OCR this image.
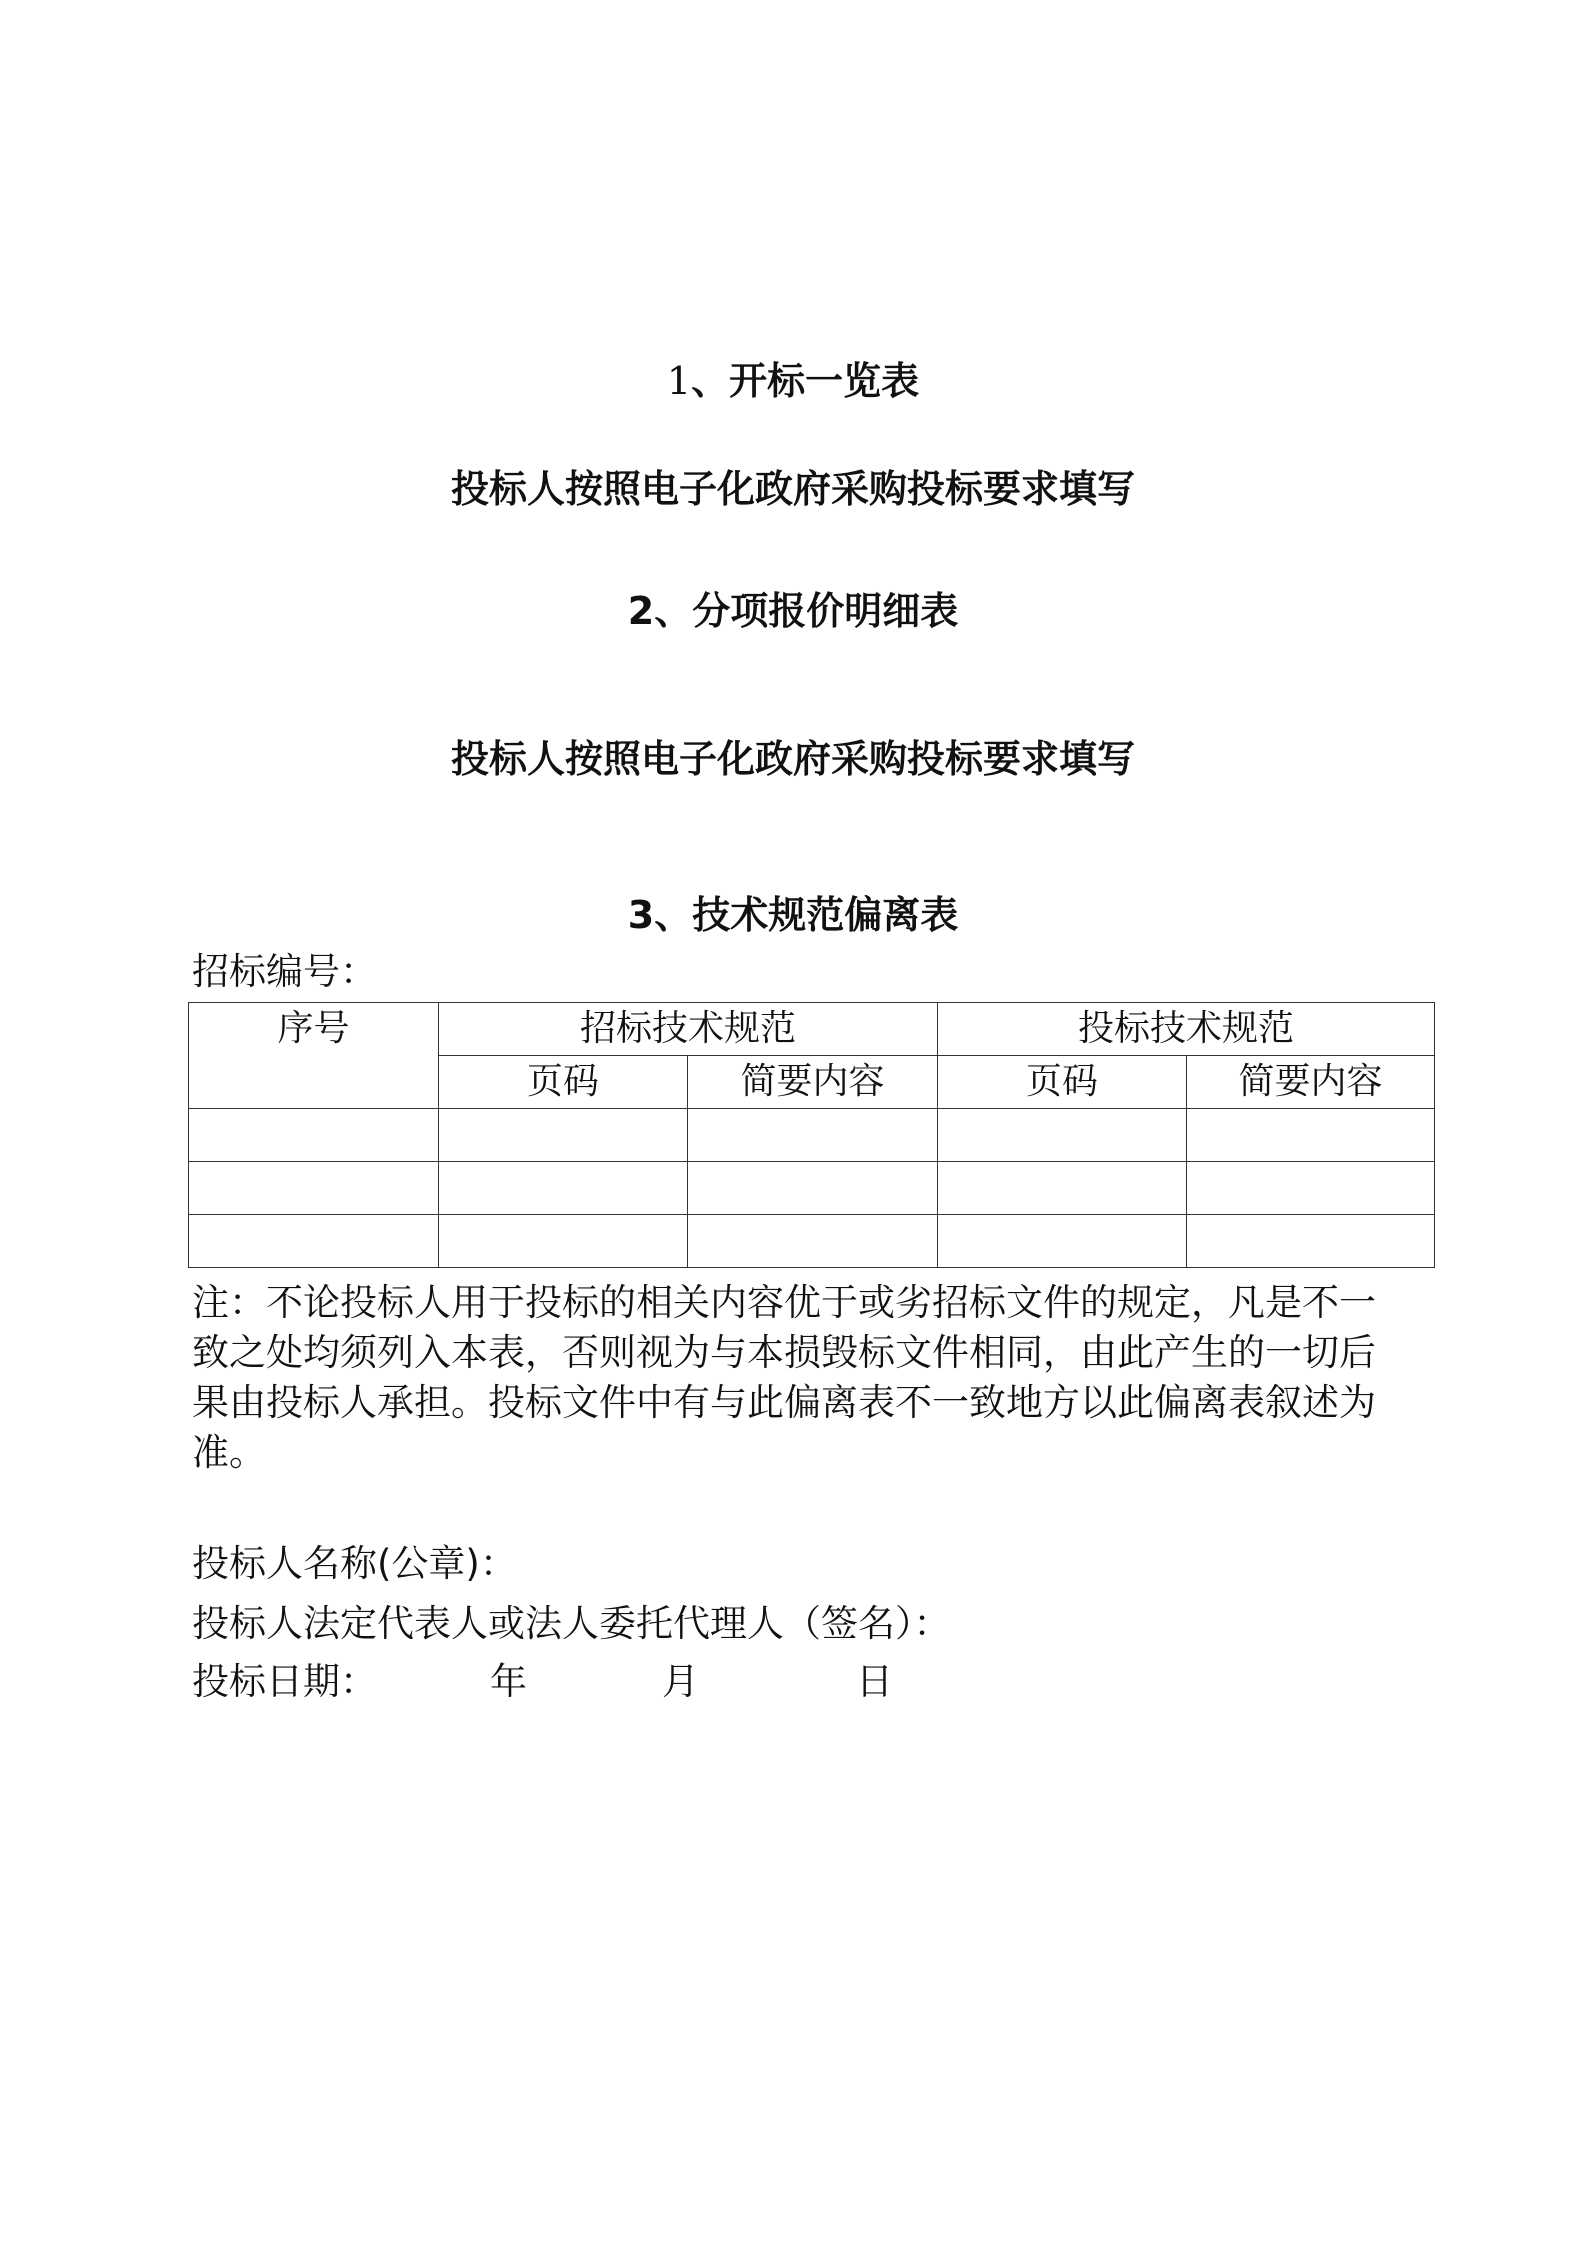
1、开标一览表
投标人按照电子化政府采购投标要求填写
2、分项报价明细表
投标人按照电子化政府采购投标要求填写
3、技术规范偏离表
招标编号：
序号	招标技术规范		投标技术规范	
	页码	简要内容	页码	简要内容

注：不论投标人用于投标的相关内容优于或劣招标文件的规定，凡是不一致之处均须列入本表，否则视为与本损毁标文件相同，由此产生的一切后果由投标人承担。投标文件中有与此偏离表不一致地方以此偏离表叙述为准。
投标人名称(公章)：
投标人法定代表人或法人委托代理人（签名）：
投标日期：	年	月	日
